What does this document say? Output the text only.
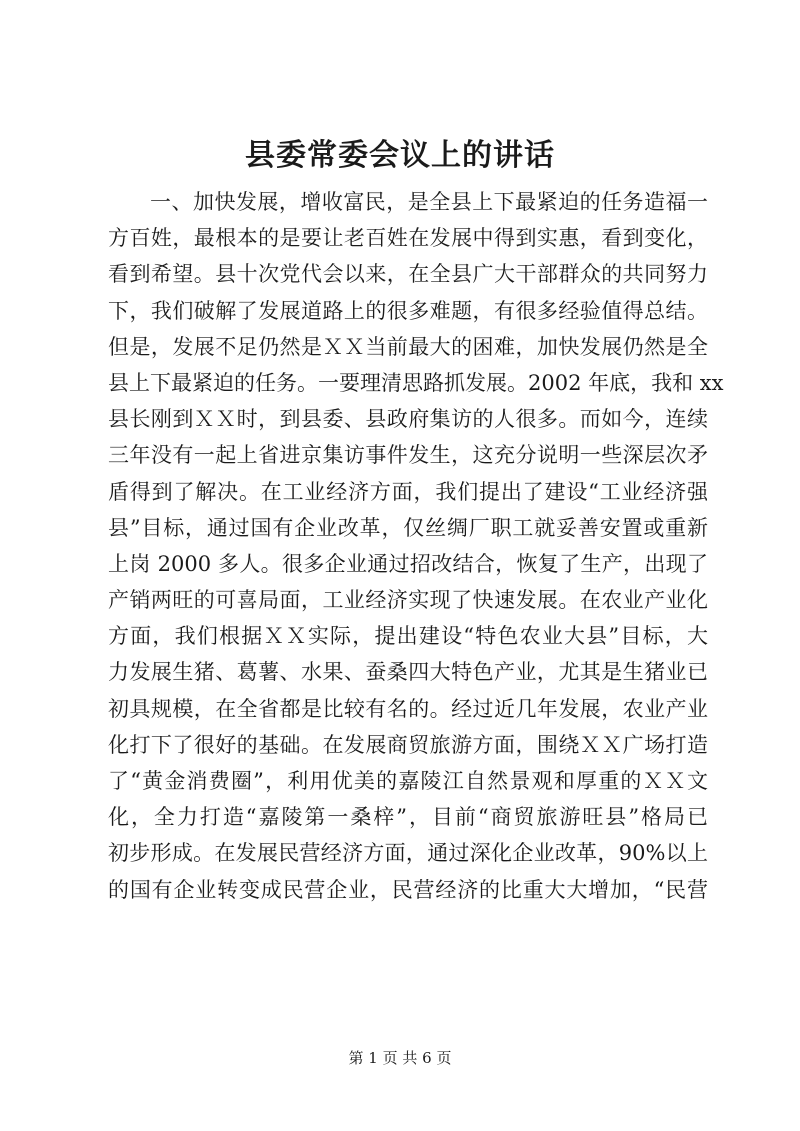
县委常委会议上的讲话
一、加快发展，增收富民，是全县上下最紧迫的任务造福一
方百姓，最根本的是要让老百姓在发展中得到实惠，看到变化，
看到希望。县十次党代会以来，在全县广大干部群众的共同努力
下，我们破解了发展道路上的很多难题，有很多经验值得总结。
但是，发展不足仍然是ＸＸ当前最大的困难，加快发展仍然是全
县上下最紧迫的任务。一要理清思路抓发展。2002 年底，我和 xx
县长刚到ＸＸ时，到县委、县政府集访的人很多。而如今，连续
三年没有一起上省进京集访事件发生，这充分说明一些深层次矛
盾得到了解决。在工业经济方面，我们提出了建设“工业经济强
县”目标，通过国有企业改革，仅丝绸厂职工就妥善安置或重新
上岗 2000 多人。很多企业通过招改结合，恢复了生产，出现了
产销两旺的可喜局面，工业经济实现了快速发展。在农业产业化
方面，我们根据ＸＸ实际，提出建设“特色农业大县”目标，大
力发展生猪、葛薯、水果、蚕桑四大特色产业，尤其是生猪业已
初具规模，在全省都是比较有名的。经过近几年发展，农业产业
化打下了很好的基础。在发展商贸旅游方面，围绕ＸＸ广场打造
了“黄金消费圈”，利用优美的嘉陵江自然景观和厚重的ＸＸ文
化，全力打造“嘉陵第一桑梓”，目前“商贸旅游旺县”格局已
初步形成。在发展民营经济方面，通过深化企业改革，90%以上
的国有企业转变成民营企业，民营经济的比重大大增加，“民营
第 1 页 共 6 页
